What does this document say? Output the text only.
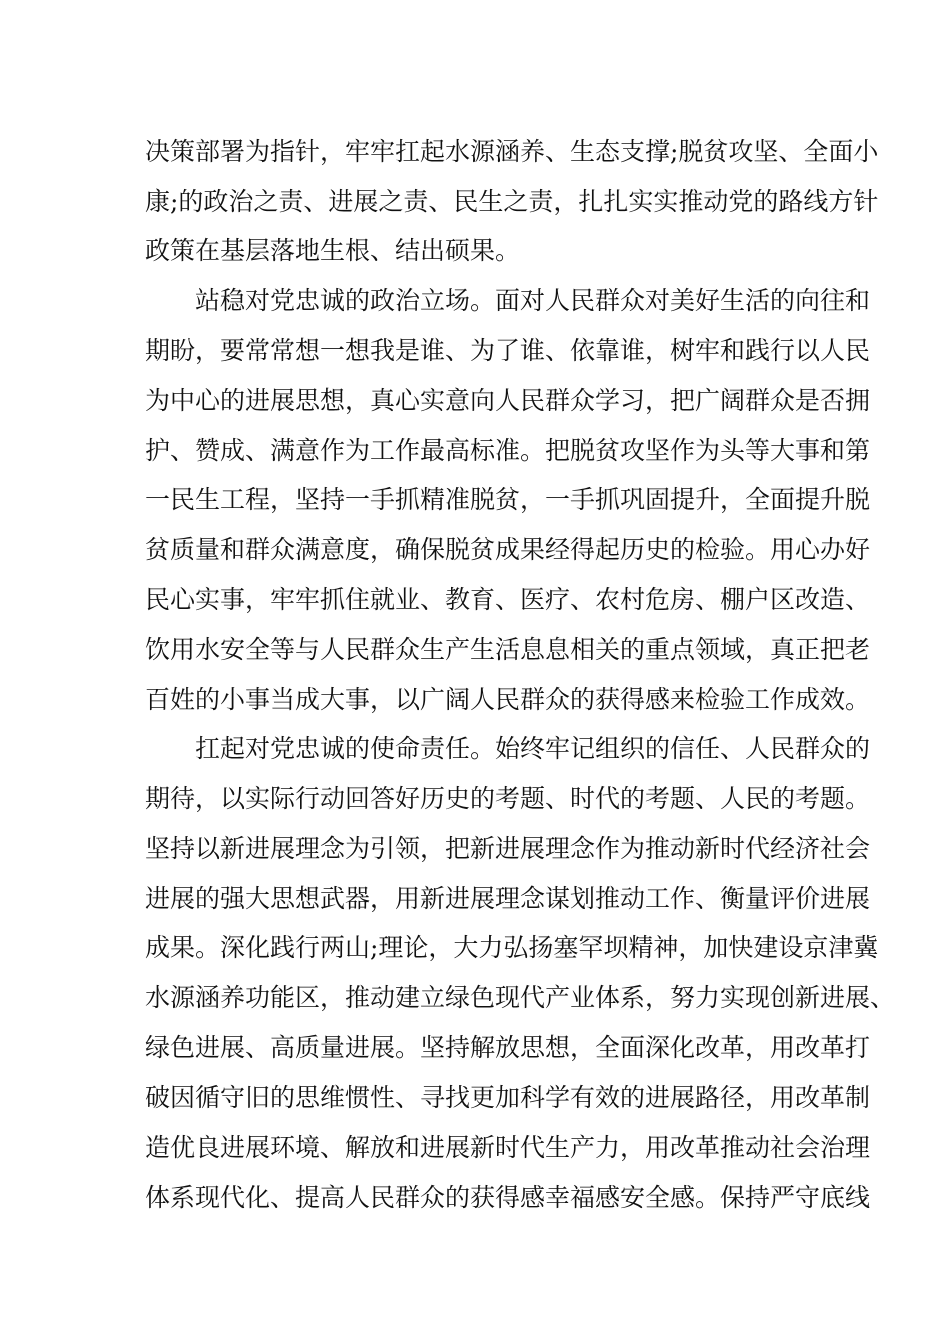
决策部署为指针，牢牢扛起水源涵养、生态支撑;脱贫攻坚、全面小
康;的政治之责、进展之责、民生之责，扎扎实实推动党的路线方针
政策在基层落地生根、结出硕果。
站稳对党忠诚的政治立场。面对人民群众对美好生活的向往和
期盼，要常常想一想我是谁、为了谁、依靠谁，树牢和践行以人民
为中心的进展思想，真心实意向人民群众学习，把广阔群众是否拥
护、赞成、满意作为工作最高标准。把脱贫攻坚作为头等大事和第
一民生工程，坚持一手抓精准脱贫，一手抓巩固提升，全面提升脱
贫质量和群众满意度，确保脱贫成果经得起历史的检验。用心办好
民心实事，牢牢抓住就业、教育、医疗、农村危房、棚户区改造、
饮用水安全等与人民群众生产生活息息相关的重点领域，真正把老
百姓的小事当成大事，以广阔人民群众的获得感来检验工作成效。
扛起对党忠诚的使命责任。始终牢记组织的信任、人民群众的
期待，以实际行动回答好历史的考题、时代的考题、人民的考题。
坚持以新进展理念为引领，把新进展理念作为推动新时代经济社会
进展的强大思想武器，用新进展理念谋划推动工作、衡量评价进展
成果。深化践行两山;理论，大力弘扬塞罕坝精神，加快建设京津冀
水源涵养功能区，推动建立绿色现代产业体系，努力实现创新进展、
绿色进展、高质量进展。坚持解放思想，全面深化改革，用改革打
破因循守旧的思维惯性、寻找更加科学有效的进展路径，用改革制
造优良进展环境、解放和进展新时代生产力，用改革推动社会治理
体系现代化、提高人民群众的获得感幸福感安全感。保持严守底线
